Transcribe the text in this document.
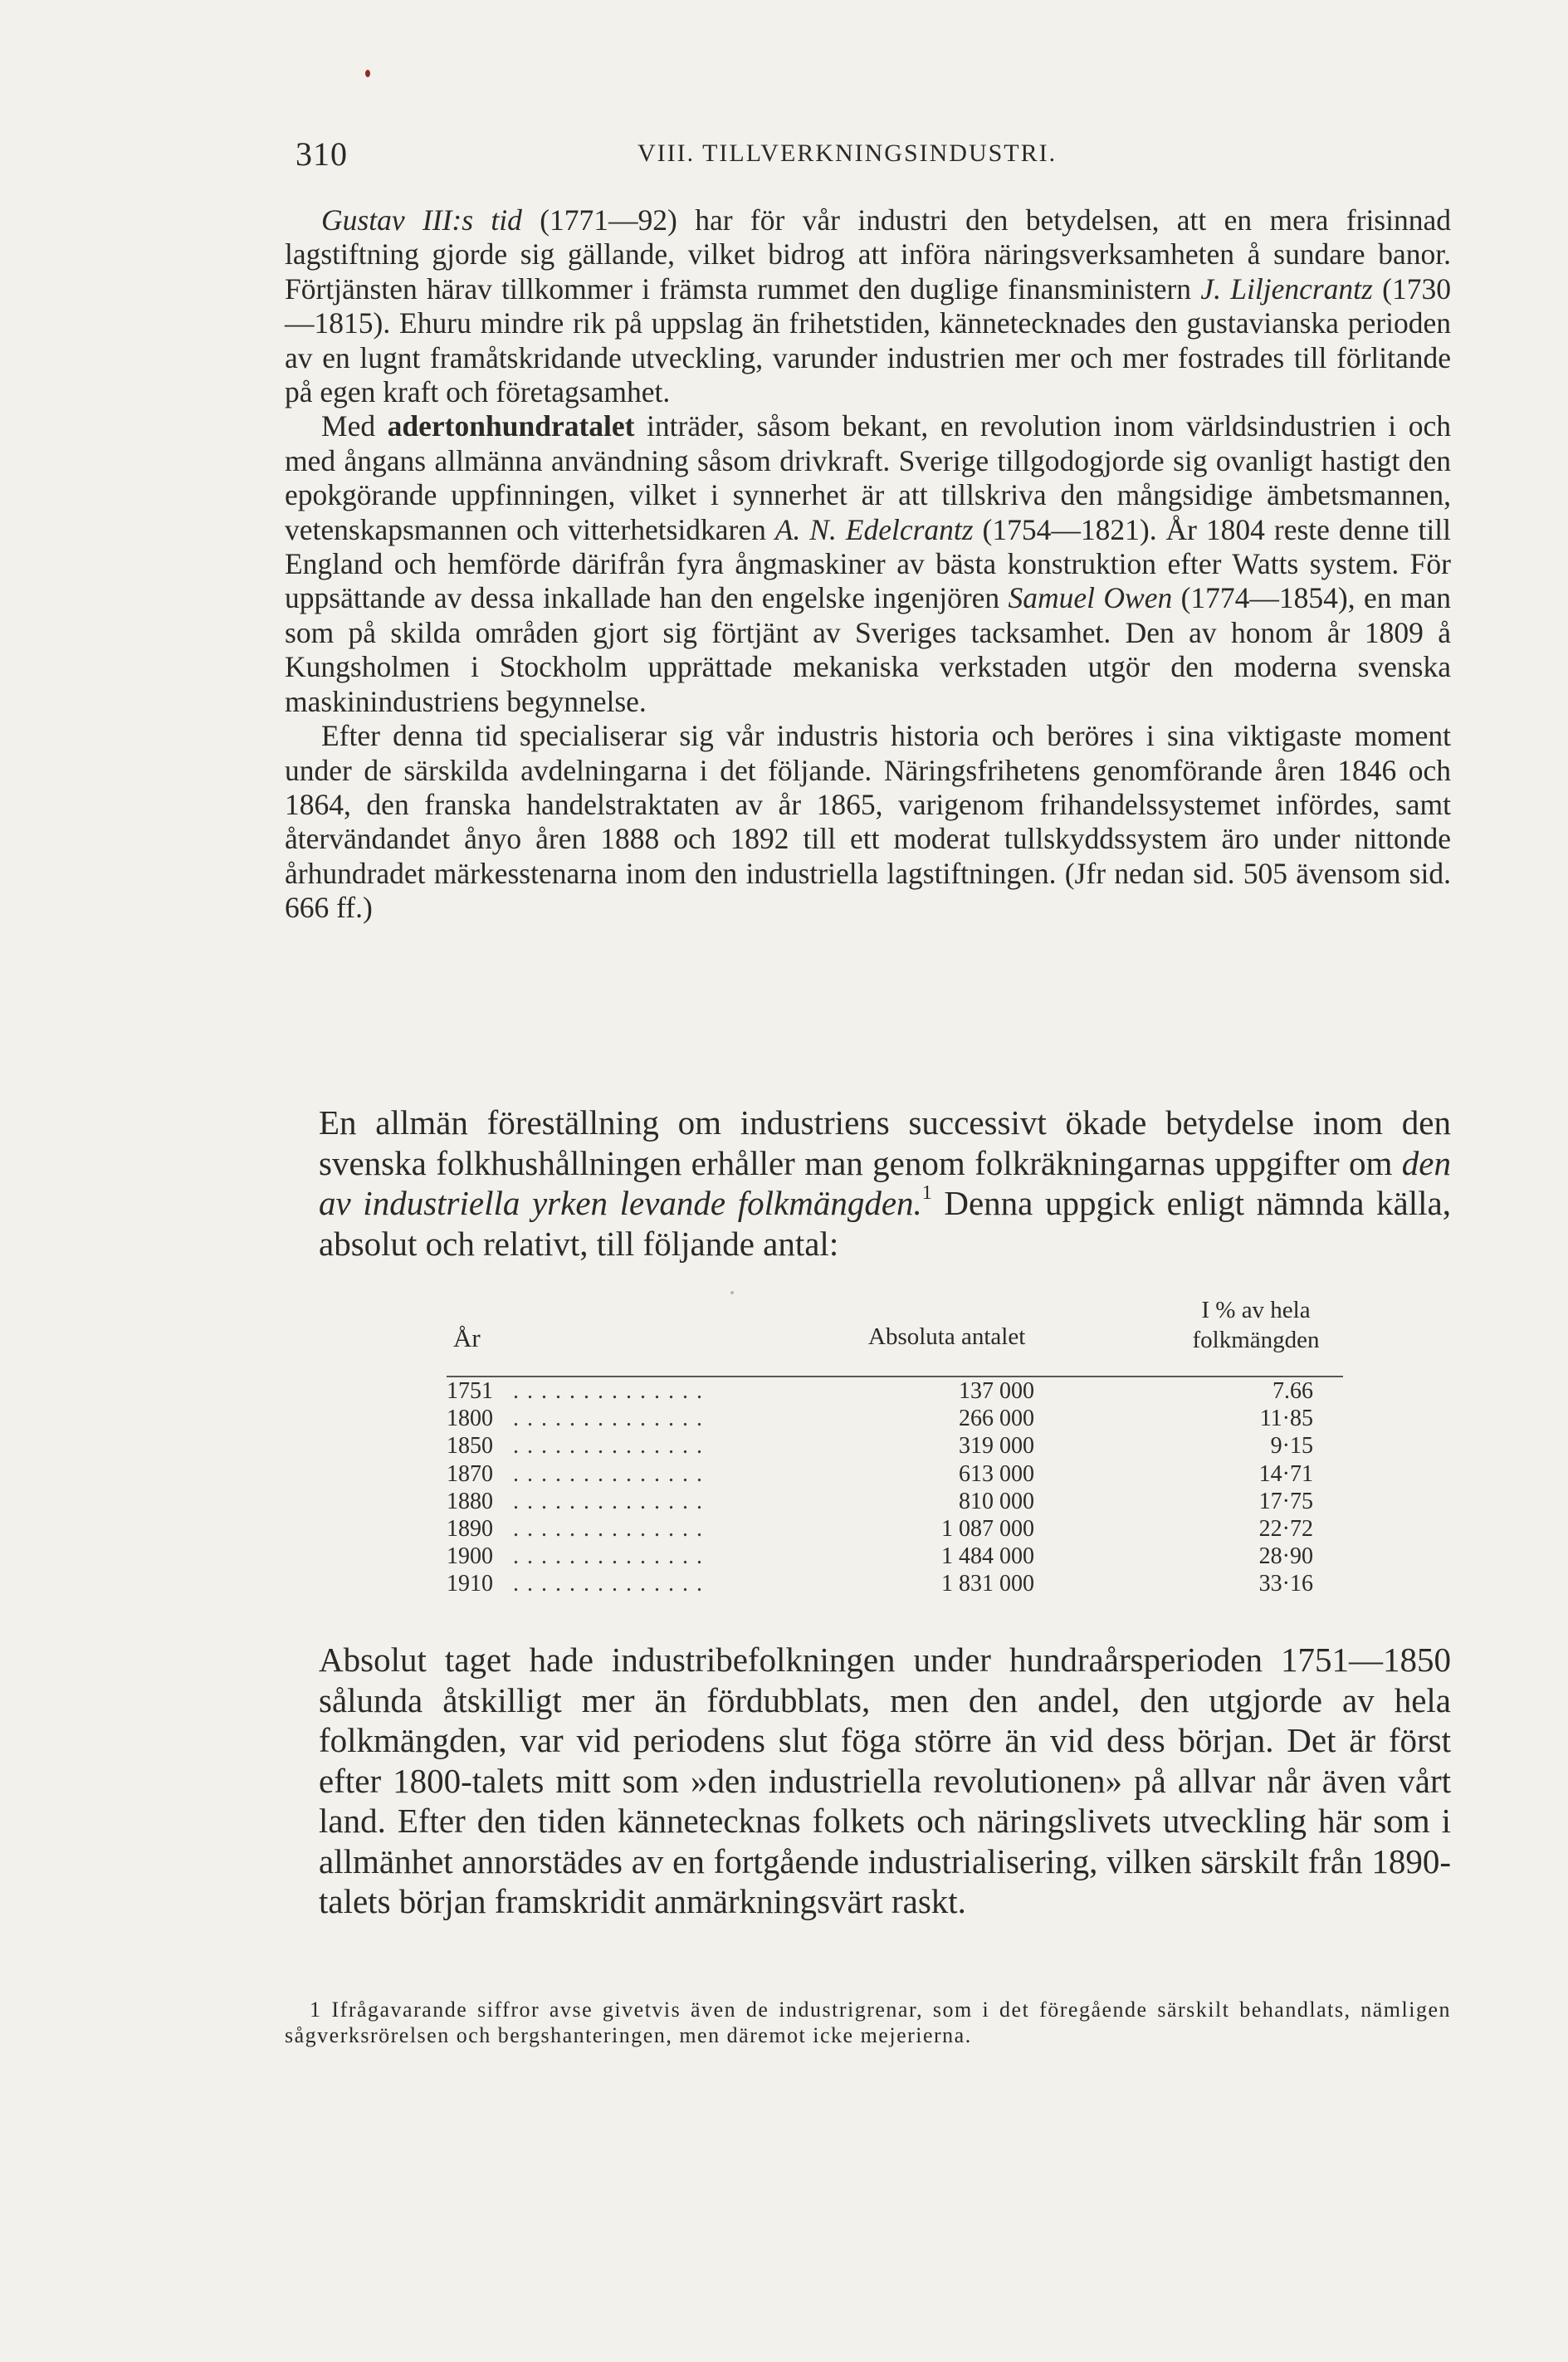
310	VIII. TILLVERKNINGSINDUSTRI.

Gustav III:s tid (1771—92) har för vår industri den betydelsen, att en mera frisinnad lagstiftning gjorde sig gällande, vilket bidrog att införa näringsverksamheten å sundare banor. Förtjänsten härav tillkommer i främsta rummet den duglige finansministern J. Liljencrantz (1730—1815). Ehuru mindre rik på uppslag än frihetstiden, kännetecknades den gustavianska perioden av en lugnt framåtskridande utveckling, varunder industrien mer och mer fostrades till förlitande på egen kraft och företagsamhet.

Med adertonhundratalet inträder, såsom bekant, en revolution inom världsindustrien i och med ångans allmänna användning såsom drivkraft. Sverige tillgodogjorde sig ovanligt hastigt den epokgörande uppfinningen, vilket i synnerhet är att tillskriva den mångsidige ämbetsmannen, vetenskapsmannen och vitterhetsidkaren A. N. Edelcrantz (1754—1821). År 1804 reste denne till England och hemförde därifrån fyra ångmaskiner av bästa konstruktion efter Watts system. För uppsättande av dessa inkallade han den engelske ingenjören Samuel Owen (1774—1854), en man som på skilda områden gjort sig förtjänt av Sveriges tacksamhet. Den av honom år 1809 å Kungsholmen i Stockholm upprättade mekaniska verkstaden utgör den moderna svenska maskinindustriens begynnelse.

Efter denna tid specialiserar sig vår industris historia och beröres i sina viktigaste moment under de särskilda avdelningarna i det följande. Näringsfrihetens genomförande åren 1846 och 1864, den franska handelstraktaten av år 1865, varigenom frihandelssystemet infördes, samt återvändandet ånyo åren 1888 och 1892 till ett moderat tullskyddssystem äro under nittonde århundradet märkesstenarna inom den industriella lagstiftningen. (Jfr nedan sid. 505 ävensom sid. 666 ff.)

En allmän föreställning om industriens successivt ökade betydelse inom den svenska folkhushållningen erhåller man genom folkräkningarnas uppgifter om den av industriella yrken levande folkmängden.$^1$ Denna uppgick enligt nämnda källa, absolut och relativt, till följande antal:

År	Absoluta antalet
I % av hela
folkmängden
1751 ..............	137 000	7.66
1800 ..............	266 000	11·85
1850 ..............	319 000	9·15
1870 ..............	613 000	14·71
1880 ..............	810 000	17·75
1890 ..............	1 087 000	22·72
1900 ..............	1 484 000	28·90
1910 ..............	1 831 000	33·16

Absolut taget hade industribefolkningen under hundraårsperioden 1751—1850 sålunda åtskilligt mer än fördubblats, men den andel, den utgjorde av hela folkmängden, var vid periodens slut föga större än vid dess början. Det är först efter 1800-talets mitt som »den industriella revolutionen» på allvar når även vårt land. Efter den tiden kännetecknas folkets och näringslivets utveckling här som i allmänhet annorstädes av en fortgående industrialisering, vilken särskilt från 1890-talets början framskridit anmärkningsvärt raskt.

1 Ifrågavarande siffror avse givetvis även de industrigrenar, som i det föregående särskilt behandlats, nämligen sågverksrörelsen och bergshanteringen, men däremot icke mejerierna.
